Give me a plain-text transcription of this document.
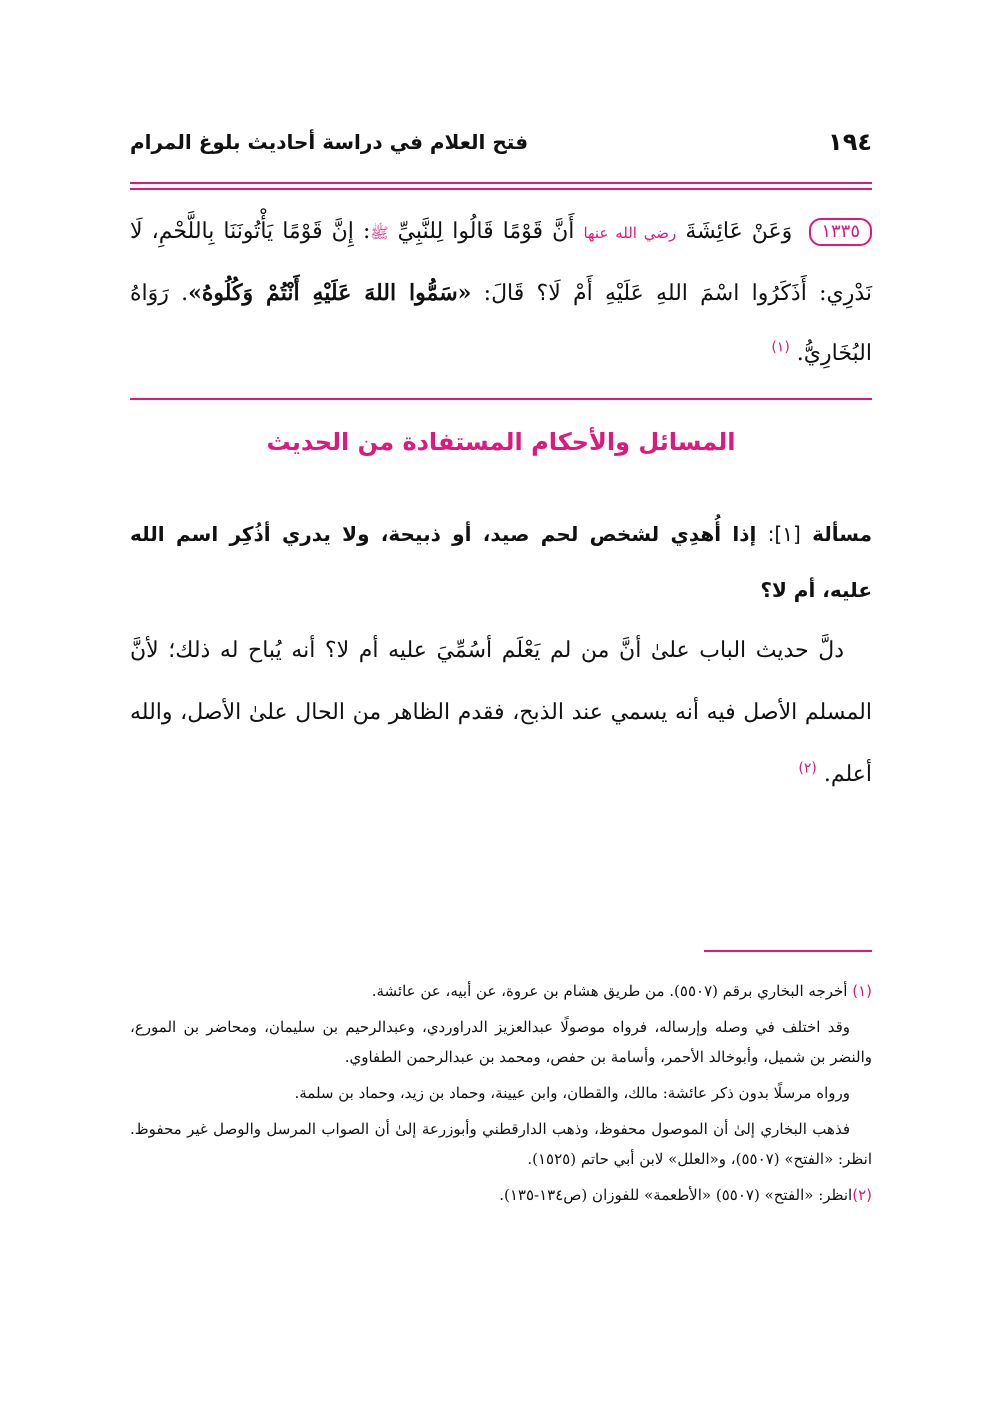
١٩٤
فتح العلام في دراسة أحاديث بلوغ المرام
١٣٣٥ وَعَنْ عَائِشَةَ رضي الله عنها أَنَّ قَوْمًا قَالُوا لِلنَّبِيِّ ﷺ: إِنَّ قَوْمًا يَأْتُونَنَا بِاللَّحْمِ، لَا نَدْرِي: أَذَكَرُوا اسْمَ اللهِ عَلَيْهِ أَمْ لَا؟ قَالَ: «سَمُّوا اللهَ عَلَيْهِ أَنْتُمْ وَكُلُوهُ». رَوَاهُ البُخَارِيُّ. $^{(١)}$
المسائل والأحكام المستفادة من الحديث
مسألة [١]: إذا أُهدِي لشخص لحم صيد، أو ذبيحة، ولا يدري أذُكِر اسم الله عليه، أم لا؟
دلَّ حديث الباب علىٰ أنَّ من لم يَعْلَم أسُمِّيَ عليه أم لا؟ أنه يُباح له ذلك؛ لأنَّ المسلم الأصل فيه أنه يسمي عند الذبح، فقدم الظاهر من الحال علىٰ الأصل، والله أعلم. $^{(٢)}$

(١) أخرجه البخاري برقم (٥٥٠٧). من طريق هشام بن عروة، عن أبيه، عن عائشة.

وقد اختلف في وصله وإرساله، فرواه موصولًا عبدالعزيز الدراوردي، وعبدالرحيم بن سليمان، ومحاضر بن المورع، والنضر بن شميل، وأبوخالد الأحمر، وأسامة بن حفص، ومحمد بن عبدالرحمن الطفاوي.

ورواه مرسلًا بدون ذكر عائشة: مالك، والقطان، وابن عيينة، وحماد بن زيد، وحماد بن سلمة.

فذهب البخاري إلىٰ أن الموصول محفوظ، وذهب الدارقطني وأبوزرعة إلىٰ أن الصواب المرسل والوصل غير محفوظ. انظر: «الفتح» (٥٥٠٧)، و«العلل» لابن أبي حاتم (١٥٢٥).

(٢)انظر: «الفتح» (٥٥٠٧) «الأطعمة» للفوزان (ص١٣٤-١٣٥).
